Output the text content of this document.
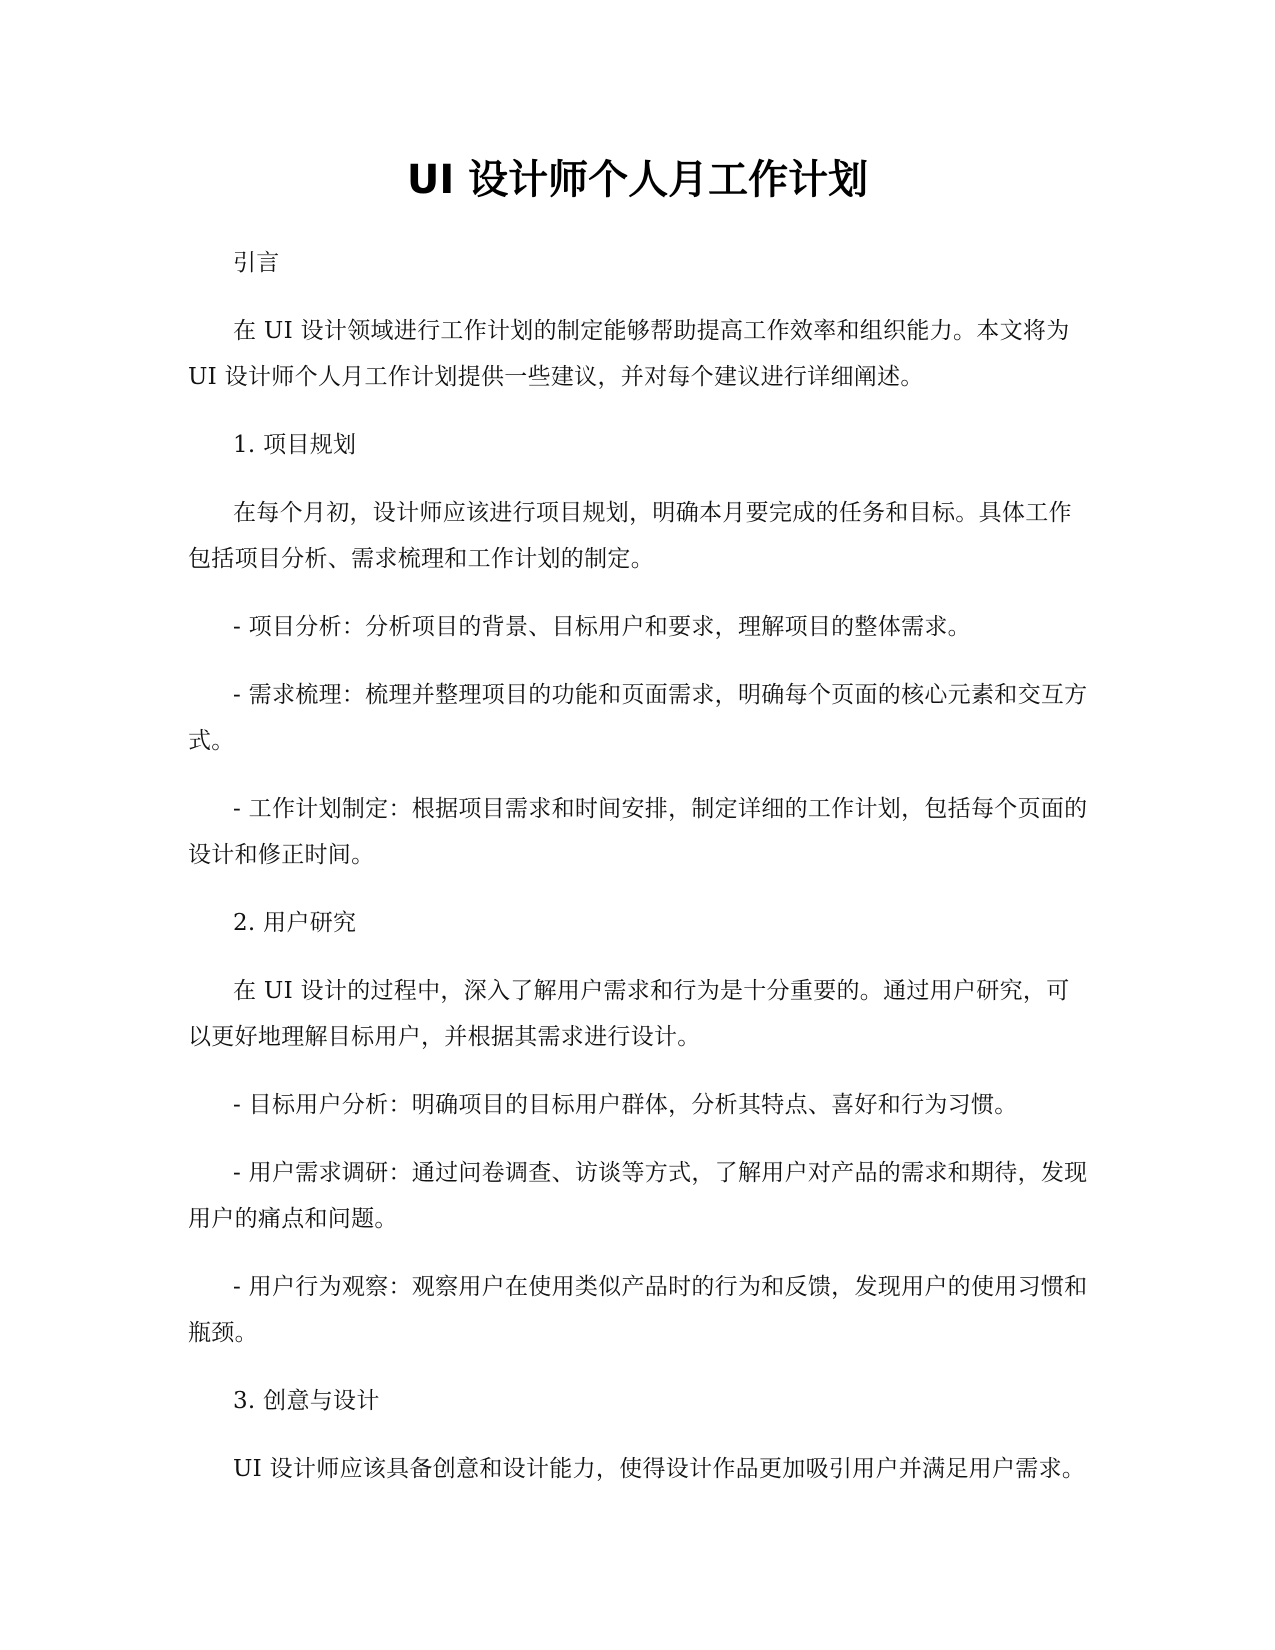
UI 设计师个人月工作计划

引言

在 UI 设计领域进行工作计划的制定能够帮助提高工作效率和组织能力。本文将为 UI 设计师个人月工作计划提供一些建议，并对每个建议进行详细阐述。

1. 项目规划

在每个月初，设计师应该进行项目规划，明确本月要完成的任务和目标。具体工作包括项目分析、需求梳理和工作计划的制定。

- 项目分析：分析项目的背景、目标用户和要求，理解项目的整体需求。

- 需求梳理：梳理并整理项目的功能和页面需求，明确每个页面的核心元素和交互方式。

- 工作计划制定：根据项目需求和时间安排，制定详细的工作计划，包括每个页面的设计和修正时间。

2. 用户研究

在 UI 设计的过程中，深入了解用户需求和行为是十分重要的。通过用户研究，可以更好地理解目标用户，并根据其需求进行设计。

- 目标用户分析：明确项目的目标用户群体，分析其特点、喜好和行为习惯。

- 用户需求调研：通过问卷调查、访谈等方式，了解用户对产品的需求和期待，发现用户的痛点和问题。

- 用户行为观察：观察用户在使用类似产品时的行为和反馈，发现用户的使用习惯和瓶颈。

3. 创意与设计

UI 设计师应该具备创意和设计能力，使得设计作品更加吸引用户并满足用户需求。
